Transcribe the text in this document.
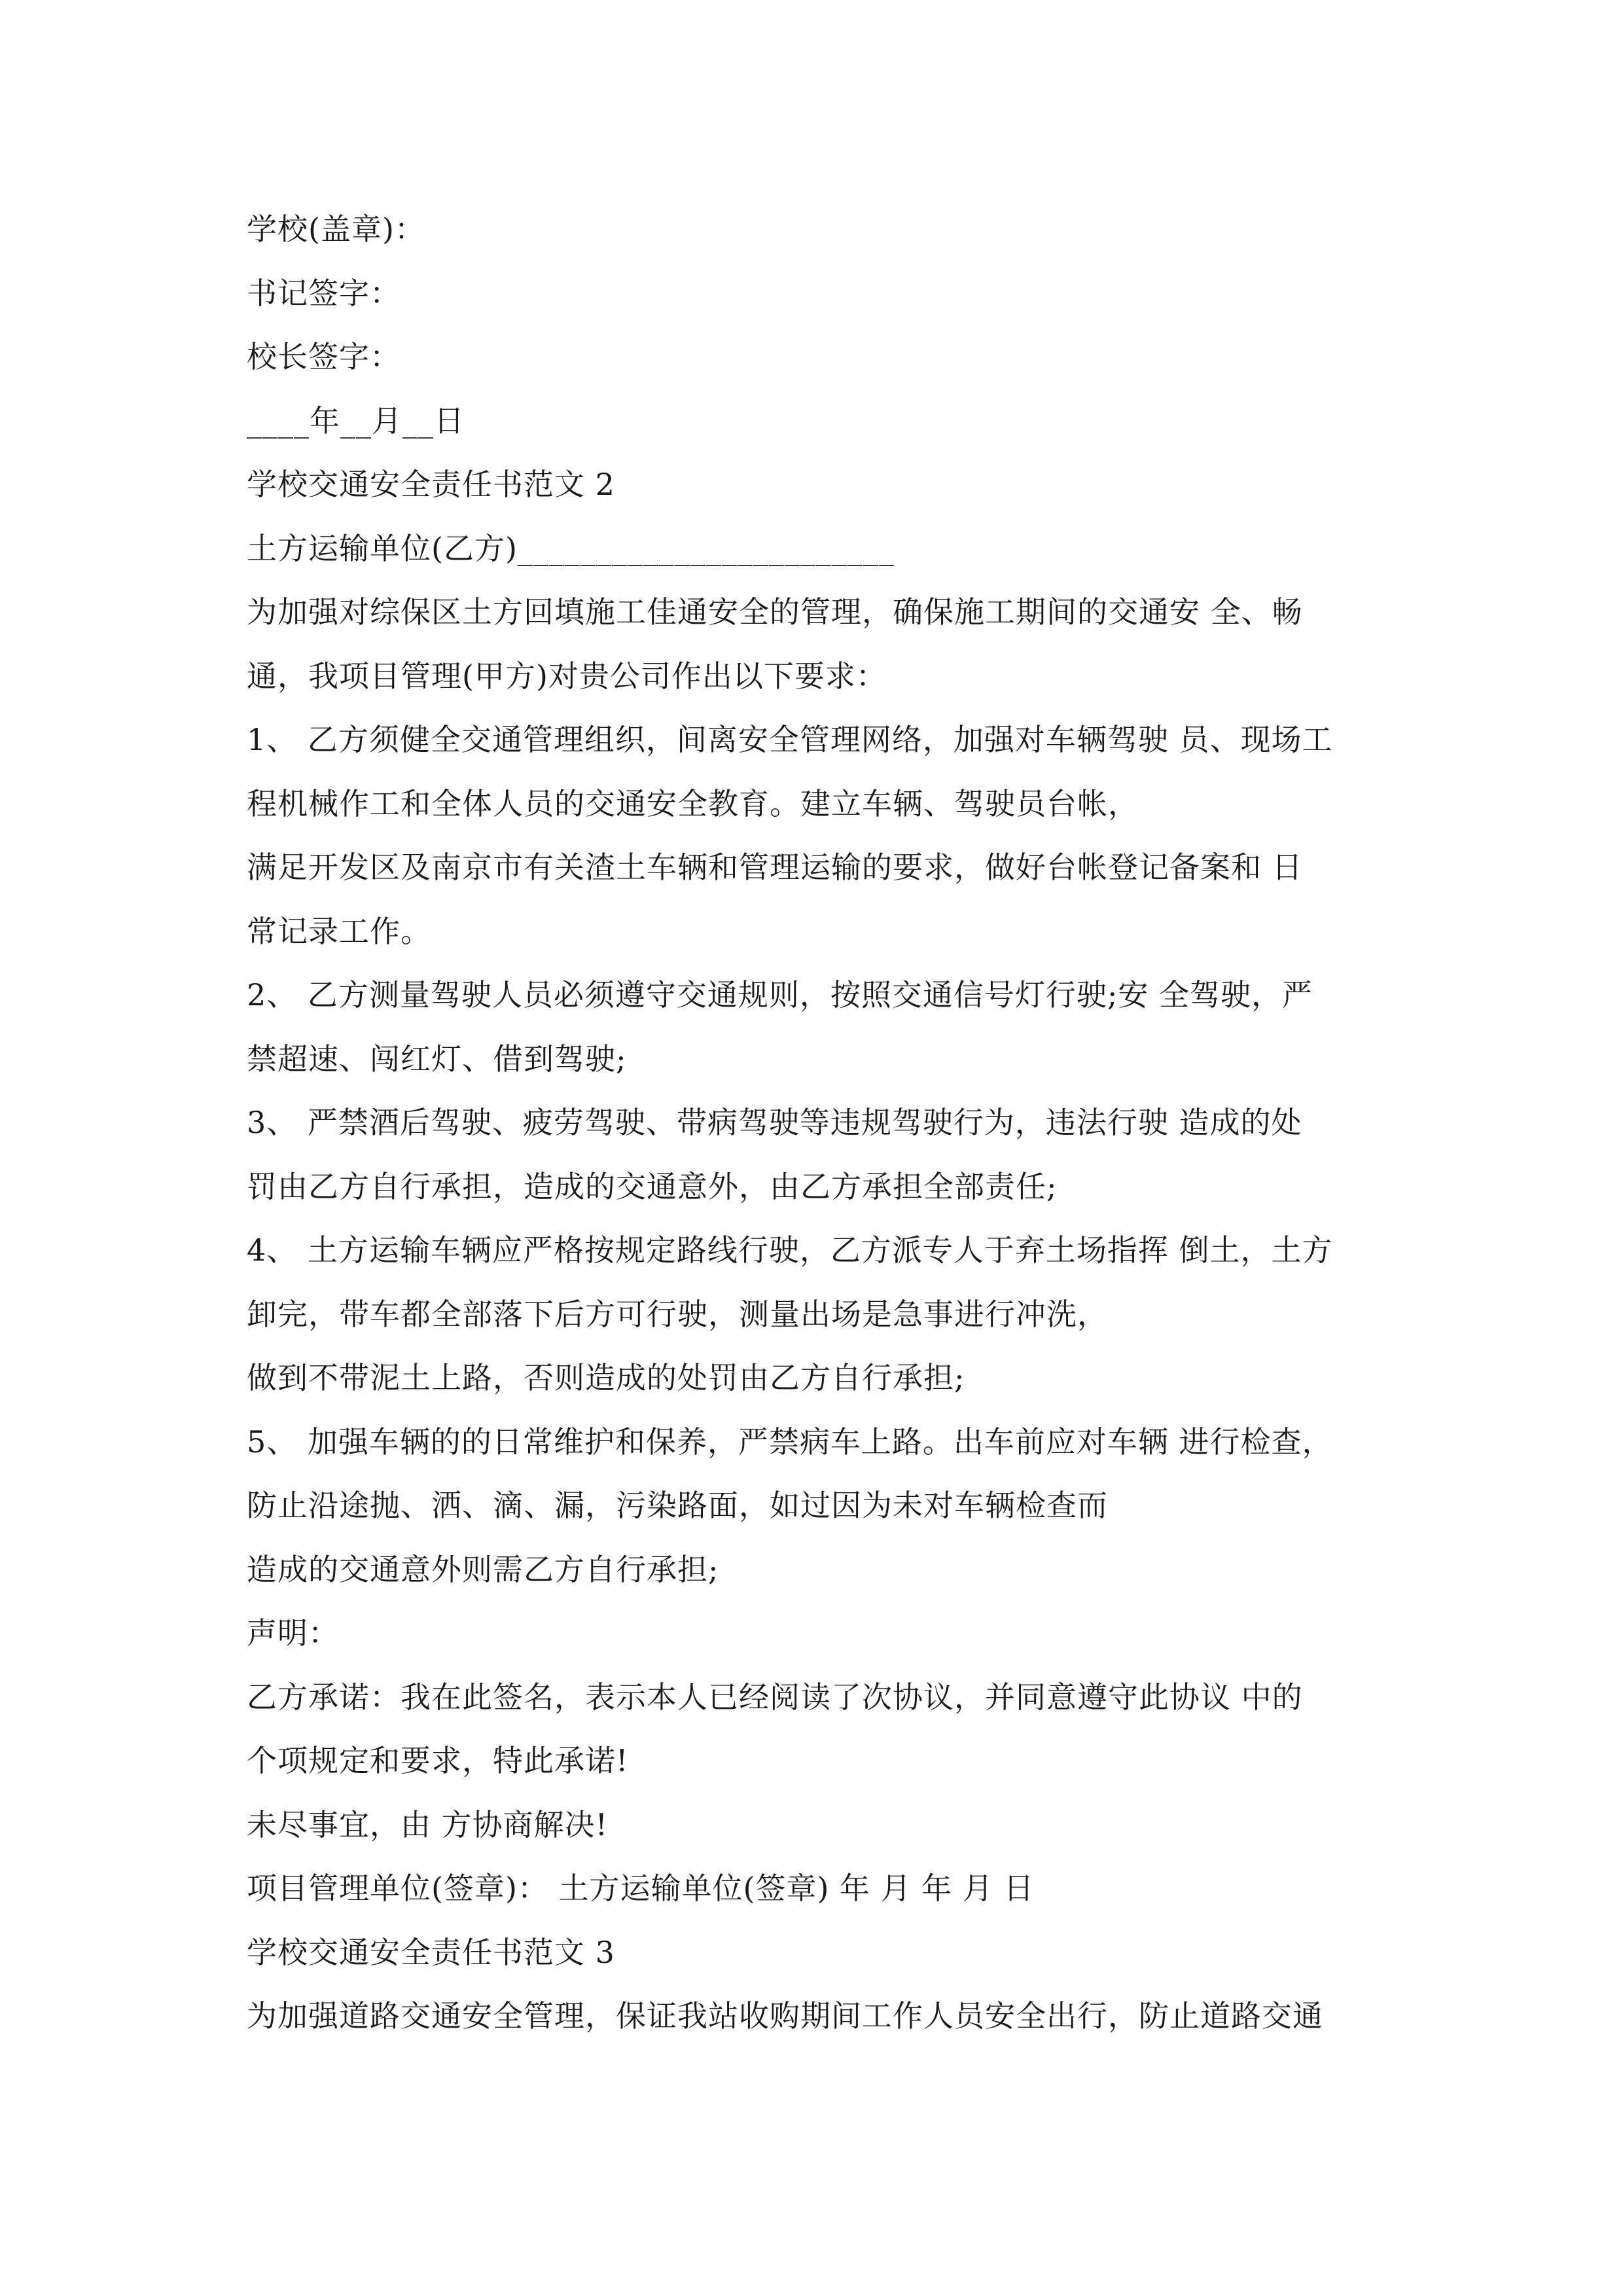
学校(盖章)：
书记签字：
校长签字：
____年__月__日
学校交通安全责任书范文 2
土方运输单位(乙方)________________________
为加强对综保区土方回填施工佳通安全的管理，确保施工期间的交通安 全、畅
通，我项目管理(甲方)对贵公司作出以下要求：
1、 乙方须健全交通管理组织，间离安全管理网络，加强对车辆驾驶 员、现场工
程机械作工和全体人员的交通安全教育。建立车辆、驾驶员台帐，
满足开发区及南京市有关渣土车辆和管理运输的要求，做好台帐登记备案和 日
常记录工作。
2、 乙方测量驾驶人员必须遵守交通规则，按照交通信号灯行驶;安 全驾驶，严
禁超速、闯红灯、借到驾驶;
3、 严禁酒后驾驶、疲劳驾驶、带病驾驶等违规驾驶行为，违法行驶 造成的处
罚由乙方自行承担，造成的交通意外，由乙方承担全部责任;
4、 土方运输车辆应严格按规定路线行驶，乙方派专人于弃土场指挥 倒土，土方
卸完，带车都全部落下后方可行驶，测量出场是急事进行冲洗，
做到不带泥土上路，否则造成的处罚由乙方自行承担;
5、 加强车辆的的日常维护和保养，严禁病车上路。出车前应对车辆 进行检查，
防止沿途抛、洒、滴、漏，污染路面，如过因为未对车辆检查而
造成的交通意外则需乙方自行承担;
声明：
乙方承诺：我在此签名，表示本人已经阅读了次协议，并同意遵守此协议 中的
个项规定和要求，特此承诺!
未尽事宜，由 方协商解决!
项目管理单位(签章)： 土方运输单位(签章) 年 月 年 月 日
学校交通安全责任书范文 3
为加强道路交通安全管理，保证我站收购期间工作人员安全出行，防止道路交通
